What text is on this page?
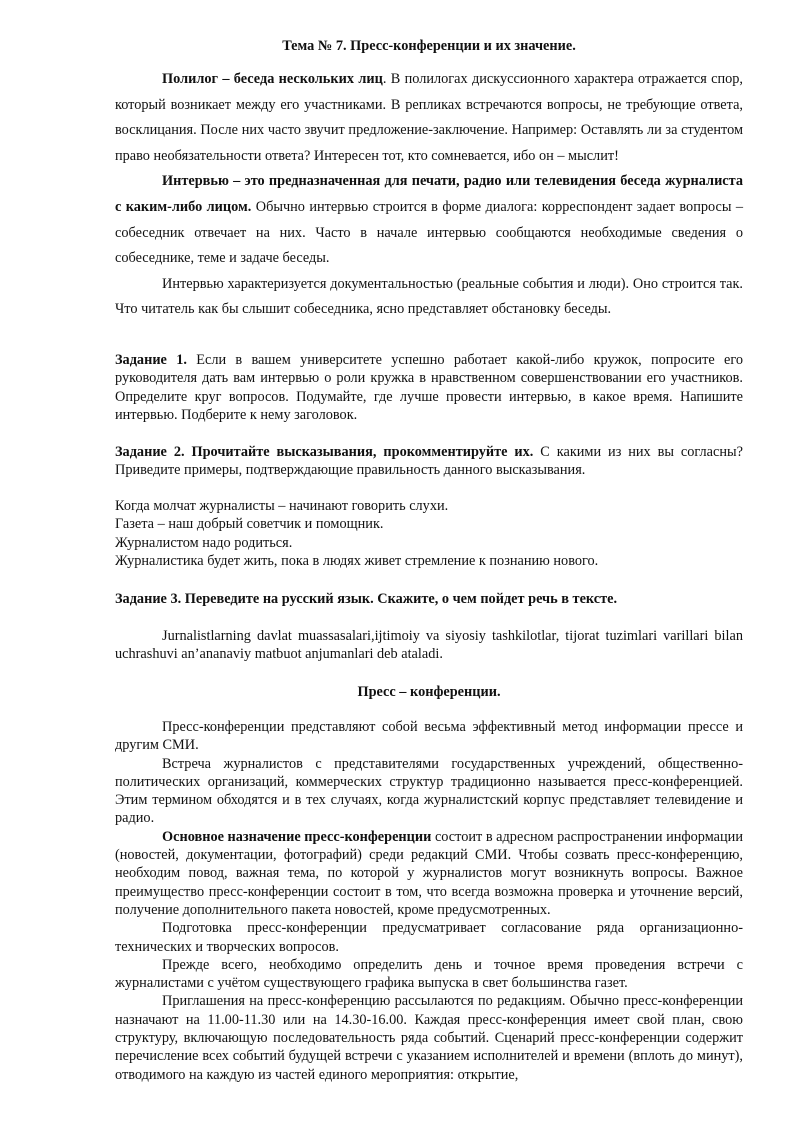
Тема № 7. Пресс-конференции и их значение.

Полилог – беседа нескольких лиц. В полилогах дискуссионного характера отражается спор, который возникает между его участниками. В репликах встречаются вопросы, не требующие ответа, восклицания. После них часто звучит предложение-заключение. Например: Оставлять ли за студентом право необязательности ответа? Интересен тот, кто сомневается, ибо он – мыслит!

Интервью – это предназначенная для печати, радио или телевидения беседа журналиста с каким-либо лицом. Обычно интервью строится в форме диалога: корреспондент задает вопросы – собеседник отвечает на них. Часто в начале интервью сообщаются необходимые сведения о собеседнике, теме и задаче беседы.

Интервью характеризуется документальностью (реальные события и люди). Оно строится так. Что читатель как бы слышит собеседника, ясно представляет обстановку беседы.

Задание 1. Если в вашем университете успешно работает какой-либо кружок, попросите его руководителя дать вам интервью о роли кружка в нравственном совершенствовании его участников. Определите круг вопросов. Подумайте, где лучше провести интервью, в какое время. Напишите интервью. Подберите к нему заголовок.

Задание 2. Прочитайте высказывания, прокомментируйте их. С какими из них вы согласны? Приведите примеры, подтверждающие правильность данного высказывания.

Когда молчат журналисты – начинают говорить слухи.
Газета – наш добрый советчик и помощник.
Журналистом надо родиться.
Журналистика будет жить, пока в людях живет стремление к познанию нового.

Задание 3. Переведите на русский язык. Скажите, о чем пойдет речь в тексте.

Jurnalistlarning davlat muassasalari,ijtimoiy va siyosiy tashkilotlar, tijorat tuzimlari varillari bilan uchrashuvi an’ananaviy matbuot anjumanlari deb ataladi.

Пресс – конференции.

Пресс-конференции представляют собой весьма эффективный метод информации прессе и другим СМИ.

Встреча журналистов с представителями государственных учреждений, общественно-политических организаций, коммерческих структур традиционно называется пресс-конференцией. Этим термином обходятся и в тех случаях, когда журналистский корпус представляет телевидение и радио.

Основное назначение пресс-конференции состоит в адресном распространении информации (новостей, документации, фотографий) среди редакций СМИ. Чтобы созвать пресс-конференцию, необходим повод, важная тема, по которой у журналистов могут возникнуть вопросы. Важное преимущество пресс-конференции состоит в том, что всегда возможна проверка и уточнение версий, получение дополнительного пакета новостей, кроме предусмотренных.

Подготовка пресс-конференции предусматривает согласование ряда организационно-технических и творческих вопросов.

Прежде всего, необходимо определить день и точное время проведения встречи с журналистами с учётом существующего графика выпуска в свет большинства газет.

Приглашения на пресс-конференцию рассылаются по редакциям. Обычно пресс-конференции назначают на 11.00-11.30 или на 14.30-16.00. Каждая пресс-конференция имеет свой план, свою структуру, включающую последовательность ряда событий. Сценарий пресс-конференции содержит перечисление всех событий будущей встречи с указанием исполнителей и времени (вплоть до минут), отводимого на каждую из частей единого мероприятия: открытие,
